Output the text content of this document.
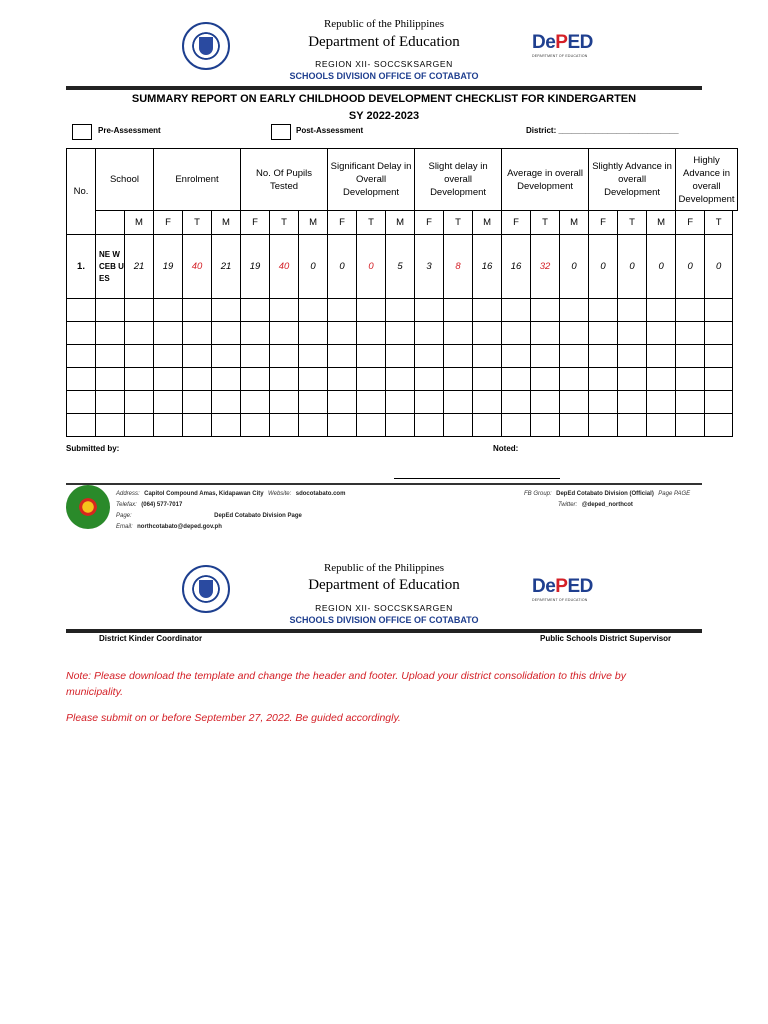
Republic of the Philippines
Department of Education
REGION XII- SOCCSKSARGEN
SCHOOLS DIVISION OFFICE OF COTABATO
DePED
DEPARTMENT OF EDUCATION
SUMMARY REPORT ON EARLY CHILDHOOD DEVELOPMENT CHECKLIST FOR KINDERGARTEN
SY 2022-2023
Pre-Assessment	Post-Assessment	District: ___________________________
No.	School		Enrolment			No. Of Pupils Tested			Significant Delay in Overall Development			Slight delay in overall Development			Average in overall Development			Slightly Advance in overall Development			Highly Advance in overall Development	
		M	F	T	M	F	T	M	F	T	M	F	T	M	F	T	M	F	T	M	F	T
1.	NE W CEB U ES	21	19	40	21	19	40	0	0	0	5	3	8	16	16	32	0	0	0	0	0	0

Submitted by:	Noted:
Address: Capitol Compound Amas, Kidapawan City Website: sdocotabato.com
Telefax: (064) 577-7017
Page:	DepEd Cotabato Division Page
Email: northcotabato@deped.gov.ph
FB Group: DepEd Cotabato Division (Official) Page PAGE
Twitter: @deped_northcot
Republic of the Philippines
Department of Education
REGION XII- SOCCSKSARGEN
SCHOOLS DIVISION OFFICE OF COTABATO
DePED
DEPARTMENT OF EDUCATION
District Kinder Coordinator	Public Schools District Supervisor
Note: Please download the template and change the header and footer. Upload your district consolidation to this drive by municipality.
Please submit on or before September 27, 2022. Be guided accordingly.
